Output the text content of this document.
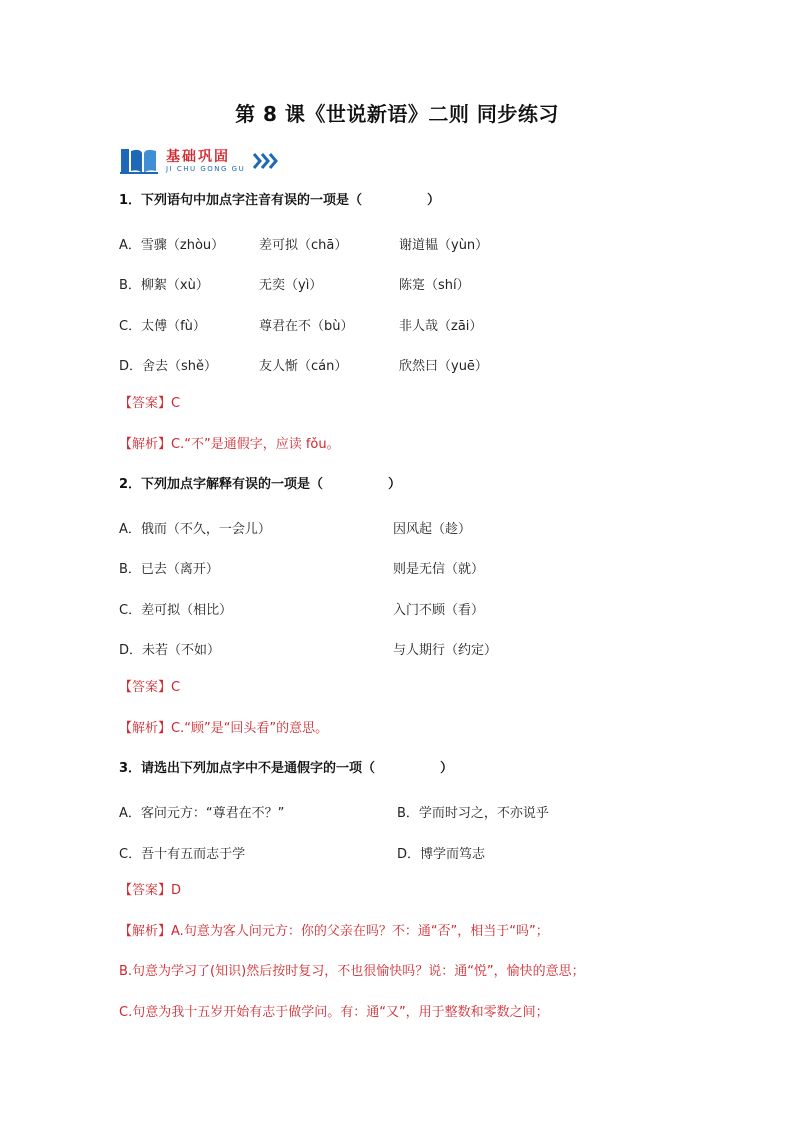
第 8 课《世说新语》二则 同步练习
基础巩固
JI CHU GONG GU
1．下列语句中加点字注音有误的一项是（　　　　　）
A．雪骤（zhòu）	差可拟（chā）	谢道韫（yùn）
B．柳絮（xù）	无奕（yì）	陈寔（shí）
C．太傅（fù）	尊君在不（bù）	非人哉（zāi）
D．舍去（shě）	友人惭（cán）	欣然曰（yuē）
【答案】C
【解析】C.“不”是通假字，应读 fǒu。
2．下列加点字解释有误的一项是（　　　　　）
A．俄而（不久，一会儿）	因风起（趁）
B．已去（离开）	则是无信（就）
C．差可拟（相比）	入门不顾（看）
D．未若（不如）	与人期行（约定）
【答案】C
【解析】C.“顾”是“回头看”的意思。
3．请选出下列加点字中不是通假字的一项（　　　　　）
A．客问元方：“尊君在不？”	B．学而时习之，不亦说乎
C．吾十有五而志于学	D．博学而笃志
【答案】D
【解析】A.句意为客人问元方：你的父亲在吗？不：通“否”，相当于“吗”；
B.句意为学习了(知识)然后按时复习，不也很愉快吗？说：通“悦”，愉快的意思；
C.句意为我十五岁开始有志于做学问。有：通“又”，用于整数和零数之间；
